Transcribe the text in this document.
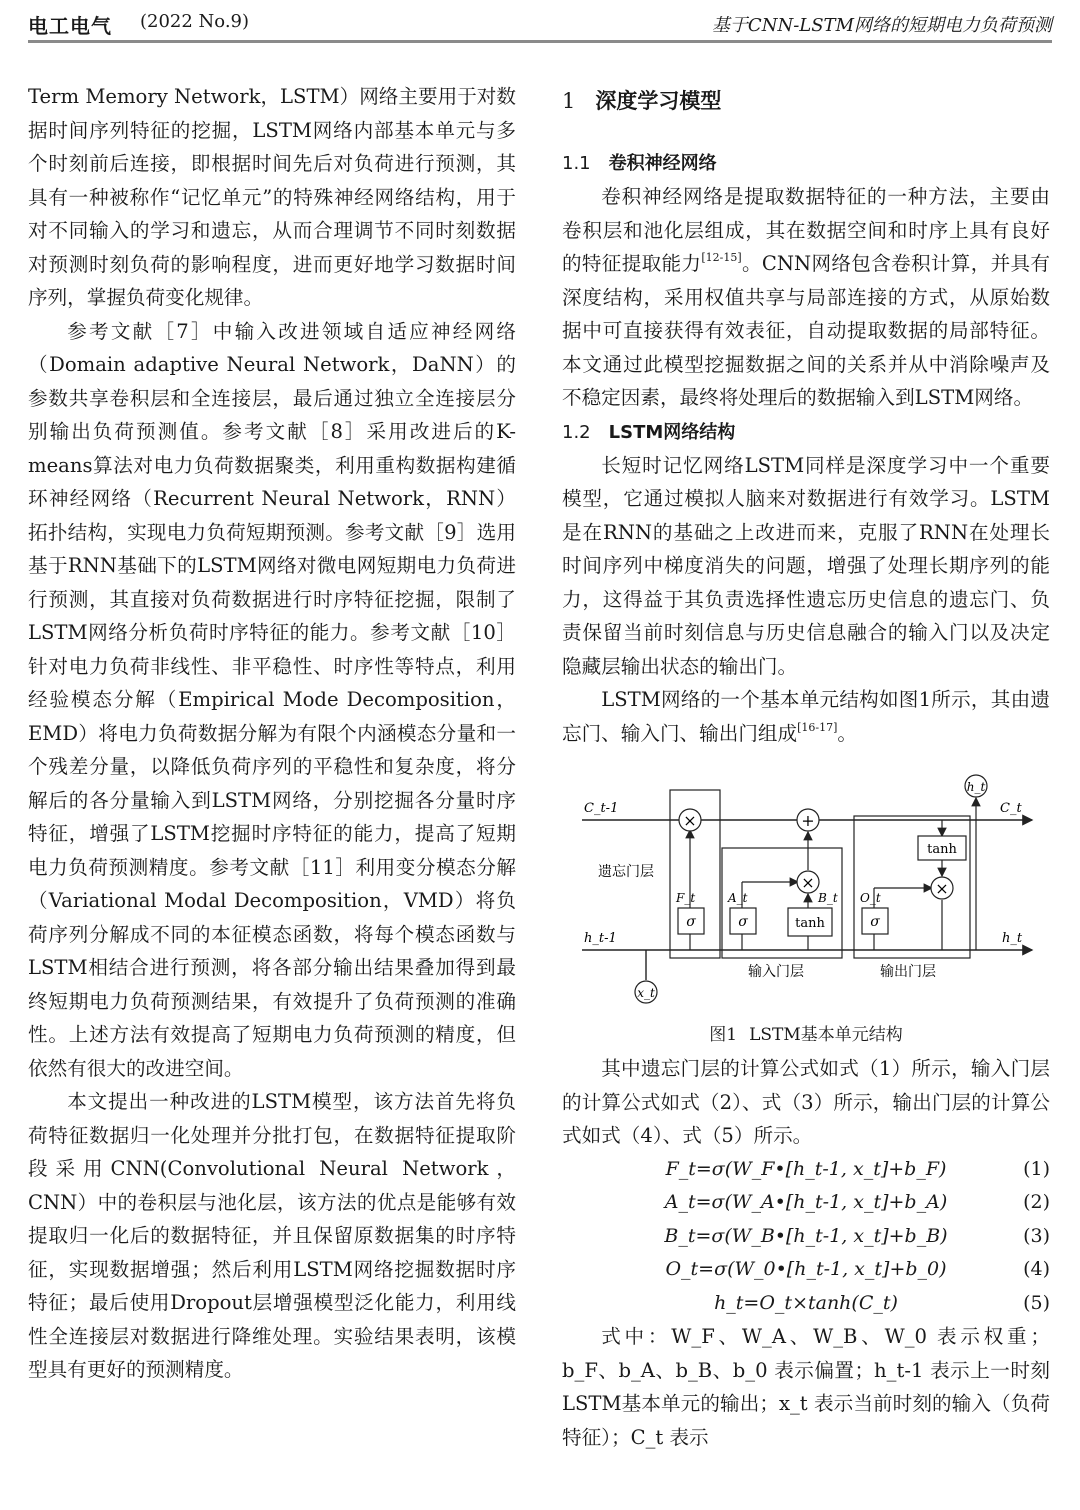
电工电气 (2022 No.9)	基于CNN-LSTM网络的短期电力负荷预测

Term Memory Network，LSTM）网络主要用于对数据时间序列特征的挖掘，LSTM网络内部基本单元与多个时刻前后连接，即根据时间先后对负荷进行预测，其具有一种被称作“记忆单元”的特殊神经网络结构，用于对不同输入的学习和遗忘，从而合理调节不同时刻数据对预测时刻负荷的影响程度，进而更好地学习数据时间序列，掌握负荷变化规律。

参考文献［7］中输入改进领域自适应神经网络（Domain adaptive Neural Network，DaNN）的参数共享卷积层和全连接层，最后通过独立全连接层分别输出负荷预测值。参考文献［8］采用改进后的K-means算法对电力负荷数据聚类，利用重构数据构建循环神经网络（Recurrent Neural Network，RNN）拓扑结构，实现电力负荷短期预测。参考文献［9］选用基于RNN基础下的LSTM网络对微电网短期电力负荷进行预测，其直接对负荷数据进行时序特征挖掘，限制了LSTM网络分析负荷时序特征的能力。参考文献［10］针对电力负荷非线性、非平稳性、时序性等特点，利用经验模态分解（Empirical Mode Decomposition，EMD）将电力负荷数据分解为有限个内涵模态分量和一个残差分量，以降低负荷序列的平稳性和复杂度，将分解后的各分量输入到LSTM网络，分别挖掘各分量时序特征，增强了LSTM挖掘时序特征的能力，提高了短期电力负荷预测精度。参考文献［11］利用变分模态分解（Variational Modal Decomposition，VMD）将负荷序列分解成不同的本征模态函数，将每个模态函数与LSTM相结合进行预测，将各部分输出结果叠加得到最终短期电力负荷预测结果，有效提升了负荷预测的准确性。上述方法有效提高了短期电力负荷预测的精度，但依然有很大的改进空间。

本文提出一种改进的LSTM模型，该方法首先将负荷特征数据归一化处理并分批打包，在数据特征提取阶段采用CNN(Convolutional Neural Network，CNN）中的卷积层与池化层，该方法的优点是能够有效提取归一化后的数据特征，并且保留原数据集的时序特征，实现数据增强；然后利用LSTM网络挖掘数据时序特征；最后使用Dropout层增强模型泛化能力，利用线性全连接层对数据进行降维处理。实验结果表明，该模型具有更好的预测精度。

1 深度学习模型
1.1 卷积神经网络

卷积神经网络是提取数据特征的一种方法，主要由卷积层和池化层组成，其在数据空间和时序上具有良好的特征提取能力[12-15]。CNN网络包含卷积计算，并具有深度结构，采用权值共享与局部连接的方式，从原始数据中可直接获得有效表征，自动提取数据的局部特征。本文通过此模型挖掘数据之间的关系并从中消除噪声及不稳定因素，最终将处理后的数据输入到LSTM网络。

1.2 LSTM网络结构

长短时记忆网络LSTM同样是深度学习中一个重要模型，它通过模拟人脑来对数据进行有效学习。LSTM是在RNN的基础之上改进而来，克服了RNN在处理长时间序列中梯度消失的问题，增强了处理长期序列的能力，这得益于其负责选择性遗忘历史信息的遗忘门、负责保留当前时刻信息与历史信息融合的输入门以及决定隐藏层输出状态的输出门。

LSTM网络的一个基本单元结构如图1所示，其由遗忘门、输入门、输出门组成[16-17]。

×	+
×	×
x_t
h_t
σ	σ	tanh	σ
tanh
C_t-1	C_t
h_t-1	h_t
遗忘门层
输入门层	输出门层
F_t	A_t	B_t O_t
图1 LSTM基本单元结构

其中遗忘门层的计算公式如式（1）所示，输入门层的计算公式如式（2）、式（3）所示，输出门层的计算公式如式（4）、式（5）所示。

F_t=σ(W_F•[h_t-1, x_t]+b_F)	(1)
A_t=σ(W_A•[h_t-1, x_t]+b_A)	(2)
B_t=σ(W_B•[h_t-1, x_t]+b_B)	(3)
O_t=σ(W_0•[h_t-1, x_t]+b_0)	(4)
h_t=O_t×tanh(C_t)	(5)

式中：W_F、W_A、W_B、W_0 表示权重；b_F、b_A、b_B、b_0 表示偏置；h_t-1 表示上一时刻LSTM基本单元的输出；x_t 表示当前时刻的输入（负荷特征）；C_t 表示
